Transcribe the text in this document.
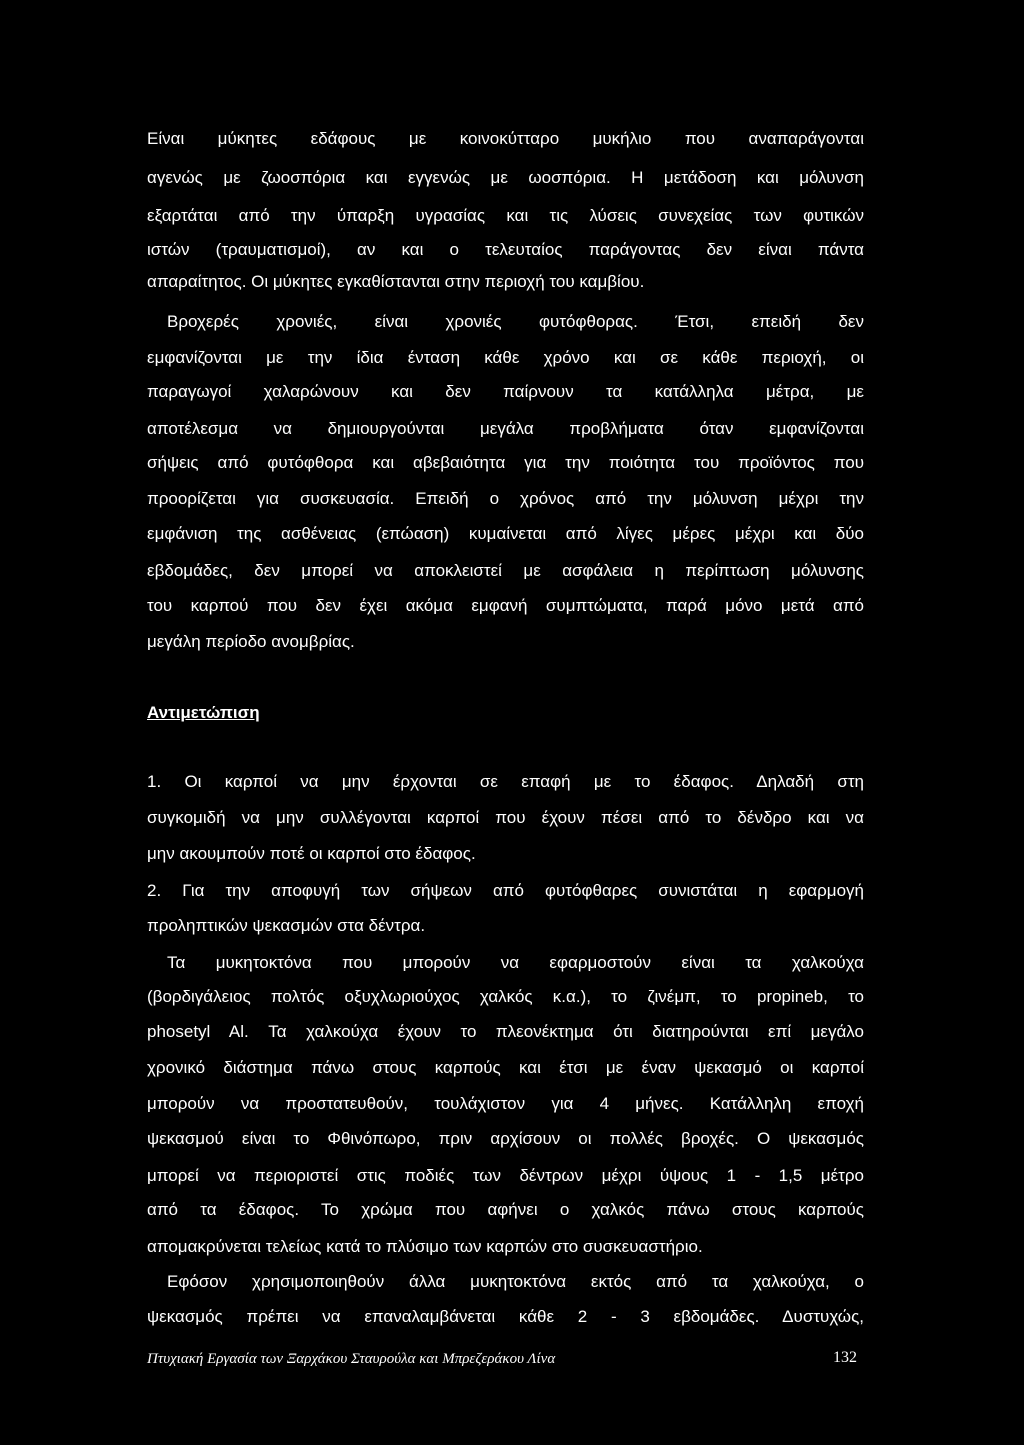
Είναι μύκητες εδάφους με κοινοκύτταρο μυκήλιο που αναπαράγονται

αγενώς με ζωοσπόρια και εγγενώς με ωοσπόρια. Η μετάδοση και μόλυνση

εξαρτάται από την ύπαρξη υγρασίας και τις λύσεις συνεχείας των φυτικών

ιστών (τραυματισμοί), αν και ο τελευταίος παράγοντας δεν είναι πάντα

απαραίτητος. Οι μύκητες εγκαθίστανται στην περιοχή του καμβίου.

Βροχερές χρονιές, είναι χρονιές φυτόφθορας. Έτσι, επειδή δεν

εμφανίζονται με την ίδια ένταση κάθε χρόνο και σε κάθε περιοχή, οι

παραγωγοί χαλαρώνουν και δεν παίρνουν τα κατάλληλα μέτρα, με

αποτέλεσμα να δημιουργούνται μεγάλα προβλήματα όταν εμφανίζονται

σήψεις από φυτόφθορα και αβεβαιότητα για την ποιότητα του προϊόντος που

προορίζεται για συσκευασία. Επειδή ο χρόνος από την μόλυνση μέχρι την

εμφάνιση της ασθένειας (επώαση) κυμαίνεται από λίγες μέρες μέχρι και δύο

εβδομάδες, δεν μπορεί να αποκλειστεί με ασφάλεια η περίπτωση μόλυνσης

του καρπού που δεν έχει ακόμα εμφανή συμπτώματα, παρά μόνο μετά από

μεγάλη περίοδο ανομβρίας.

Αντιμετώπιση

1. Οι καρποί να μην έρχονται σε επαφή με το έδαφος. Δηλαδή στη

συγκομιδή να μην συλλέγονται καρποί που έχουν πέσει από το δένδρο και να

μην ακουμπούν ποτέ οι καρποί στο έδαφος.

2. Για την αποφυγή των σήψεων από φυτόφθαρες συνιστάται η εφαρμογή

προληπτικών ψεκασμών στα δέντρα.

Τα μυκητοκτόνα που μπορούν να εφαρμοστούν είναι τα χαλκούχα

(βορδιγάλειος πολτός οξυχλωριούχος χαλκός κ.α.), το ζινέμπ, το propineb, το

phosetyl Al. Τα χαλκούχα έχουν το πλεονέκτημα ότι διατηρούνται επί μεγάλο

χρονικό διάστημα πάνω στους καρπούς και έτσι με έναν ψεκασμό οι καρποί

μπορούν να προστατευθούν, τουλάχιστον για 4 μήνες. Κατάλληλη εποχή

ψεκασμού είναι το Φθινόπωρο, πριν αρχίσουν οι πολλές βροχές. Ο ψεκασμός

μπορεί να περιοριστεί στις ποδιές των δέντρων μέχρι ύψους 1 - 1,5 μέτρο

από τα έδαφος. Το χρώμα που αφήνει ο χαλκός πάνω στους καρπούς

απομακρύνεται τελείως κατά το πλύσιμο των καρπών στο συσκευαστήριο.

Εφόσον χρησιμοποιηθούν άλλα μυκητοκτόνα εκτός από τα χαλκούχα, ο

ψεκασμός πρέπει να επαναλαμβάνεται κάθε 2 - 3 εβδομάδες. Δυστυχώς,

Πτυχιακή Εργασία των Ξαρχάκου Σταυρούλα και Μπρεζεράκου Λίνα	132
